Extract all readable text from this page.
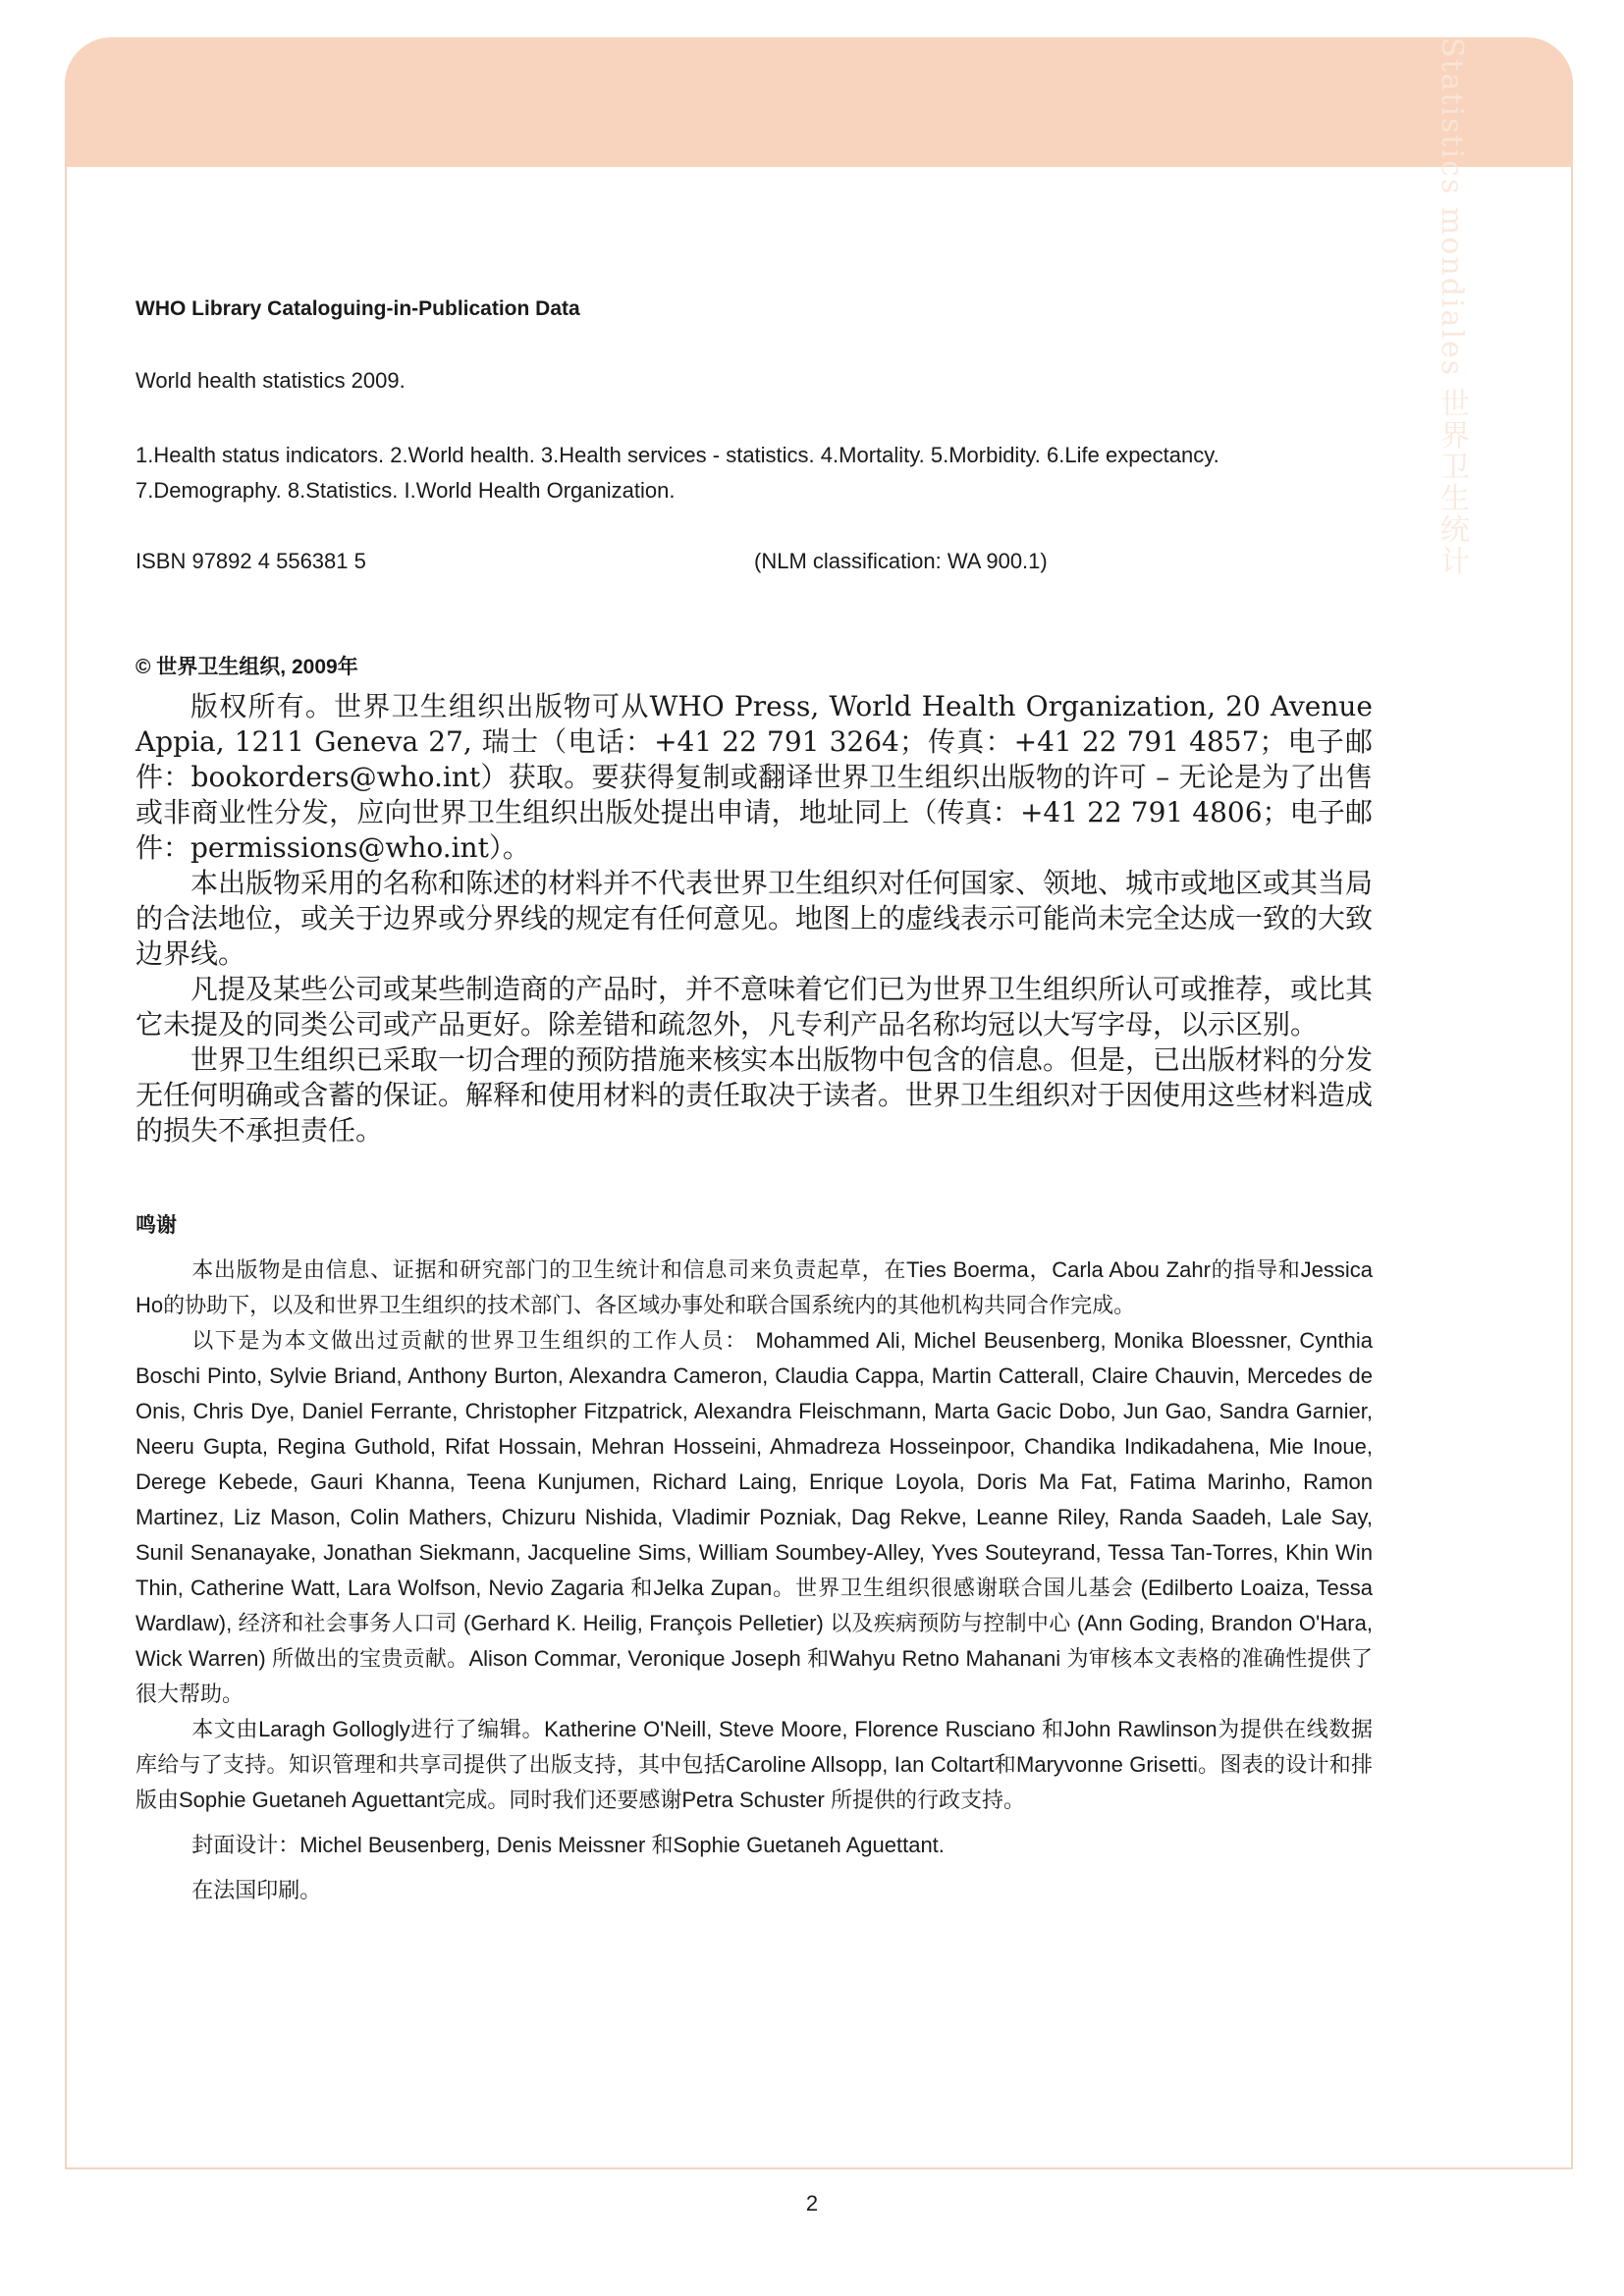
Statistics mondiales 世界卫生统计

WHO Library Cataloguing-in-Publication Data

World health statistics 2009.

1.Health status indicators. 2.World health. 3.Health services - statistics. 4.Mortality. 5.Morbidity. 6.Life expectancy.

7.Demography. 8.Statistics. I.World Health Organization.

ISBN 97892 4 556381 5	(NLM classification: WA 900.1)

© 世界卫生组织, 2009年

版权所有。世界卫生组织出版物可从WHO Press, World Health Organization, 20 Avenue Appia, 1211 Geneva 27, 瑞士（电话：+41 22 791 3264；传真：+41 22 791 4857；电子邮件：bookorders@who.int）获取。要获得复制或翻译世界卫生组织出版物的许可 – 无论是为了出售或非商业性分发，应向世界卫生组织出版处提出申请，地址同上（传真：+41 22 791 4806；电子邮件：permissions@who.int）。

本出版物采用的名称和陈述的材料并不代表世界卫生组织对任何国家、领地、城市或地区或其当局的合法地位，或关于边界或分界线的规定有任何意见。地图上的虚线表示可能尚未完全达成一致的大致边界线。

凡提及某些公司或某些制造商的产品时，并不意味着它们已为世界卫生组织所认可或推荐，或比其它未提及的同类公司或产品更好。除差错和疏忽外，凡专利产品名称均冠以大写字母，以示区别。

世界卫生组织已采取一切合理的预防措施来核实本出版物中包含的信息。但是，已出版材料的分发无任何明确或含蓄的保证。解释和使用材料的责任取决于读者。世界卫生组织对于因使用这些材料造成的损失不承担责任。

鸣谢

本出版物是由信息、证据和研究部门的卫生统计和信息司来负责起草，在Ties Boerma，Carla Abou Zahr的指导和Jessica Ho的协助下，以及和世界卫生组织的技术部门、各区域办事处和联合国系统内的其他机构共同合作完成。

以下是为本文做出过贡献的世界卫生组织的工作人员： Mohammed Ali, Michel Beusenberg, Monika Bloessner, Cynthia Boschi Pinto, Sylvie Briand, Anthony Burton, Alexandra Cameron, Claudia Cappa, Martin Catterall, Claire Chauvin, Mercedes de Onis, Chris Dye, Daniel Ferrante, Christopher Fitzpatrick, Alexandra Fleischmann, Marta Gacic Dobo, Jun Gao, Sandra Garnier, Neeru Gupta, Regina Guthold, Rifat Hossain, Mehran Hosseini, Ahmadreza Hosseinpoor, Chandika Indikadahena, Mie Inoue, Derege Kebede, Gauri Khanna, Teena Kunjumen, Richard Laing, Enrique Loyola, Doris Ma Fat, Fatima Marinho, Ramon Martinez, Liz Mason, Colin Mathers, Chizuru Nishida, Vladimir Pozniak, Dag Rekve, Leanne Riley, Randa Saadeh, Lale Say, Sunil Senanayake, Jonathan Siekmann, Jacqueline Sims, William Soumbey-Alley, Yves Souteyrand, Tessa Tan-Torres, Khin Win Thin, Catherine Watt, Lara Wolfson, Nevio Zagaria 和Jelka Zupan。世界卫生组织很感谢联合国儿基会 (Edilberto Loaiza, Tessa Wardlaw), 经济和社会事务人口司 (Gerhard K. Heilig, François Pelletier) 以及疾病预防与控制中心 (Ann Goding, Brandon O'Hara, Wick Warren) 所做出的宝贵贡献。Alison Commar, Veronique Joseph 和Wahyu Retno Mahanani 为审核本文表格的准确性提供了很大帮助。

本文由Laragh Gollogly进行了编辑。Katherine O'Neill, Steve Moore, Florence Rusciano 和John Rawlinson为提供在线数据库给与了支持。知识管理和共享司提供了出版支持，其中包括Caroline Allsopp, Ian Coltart和Maryvonne Grisetti。图表的设计和排版由Sophie Guetaneh Aguettant完成。同时我们还要感谢Petra Schuster 所提供的行政支持。

封面设计：Michel Beusenberg, Denis Meissner 和Sophie Guetaneh Aguettant.

在法国印刷。

2
